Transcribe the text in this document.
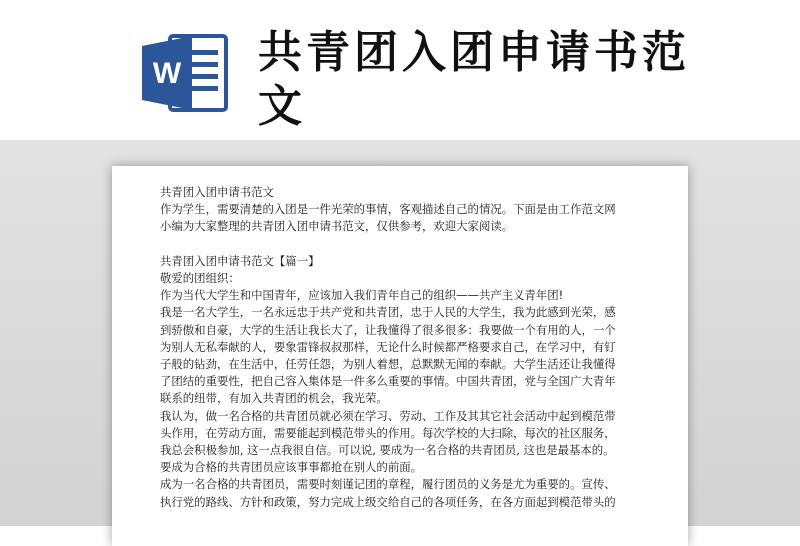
W 共青团入团申请书范文

共青团入团申请书范文

作为学生，需要清楚的入团是一件光荣的事情，客观描述自己的情况。下面是由工作范文网

小编为大家整理的共青团入团申请书范文，仅供参考，欢迎大家阅读。

共青团入团申请书范文【篇一】

敬爱的团组织：

作为当代大学生和中国青年，应该加入我们青年自己的组织——共产主义青年团!

我是一名大学生，一名永远忠于共产党和共青团，忠于人民的大学生，我为此感到光荣，感

到骄傲和自豪，大学的生活让我长大了，让我懂得了很多很多：我要做一个有用的人，一个

为别人无私奉献的人，要象雷锋叔叔那样，无论什么时候都严格要求自己，在学习中，有钉

子般的钻劲，在生活中，任劳任怨，为别人着想，总默默无闻的奉献。大学生活还让我懂得

了团结的重要性，把自己容入集体是一件多么重要的事情。中国共青团，党与全国广大青年

联系的纽带，有加入共青团的机会，我光荣。

我认为，做一名合格的共青团员就必须在学习、劳动、工作及其其它社会活动中起到模范带

头作用，在劳动方面，需要能起到模范带头的作用。每次学校的大扫除，每次的社区服务，

我总会积极参加, 这一点我很自信。可以说, 要成为一名合格的共青团员, 这也是最基本的。

要成为合格的共青团员应该事事都抢在别人的前面。

成为一名合格的共青团员，需要时刻谨记团的章程，履行团员的义务是尤为重要的。宣传、

执行党的路线、方针和政策，努力完成上级交给自己的各项任务，在各方面起到模范带头的
